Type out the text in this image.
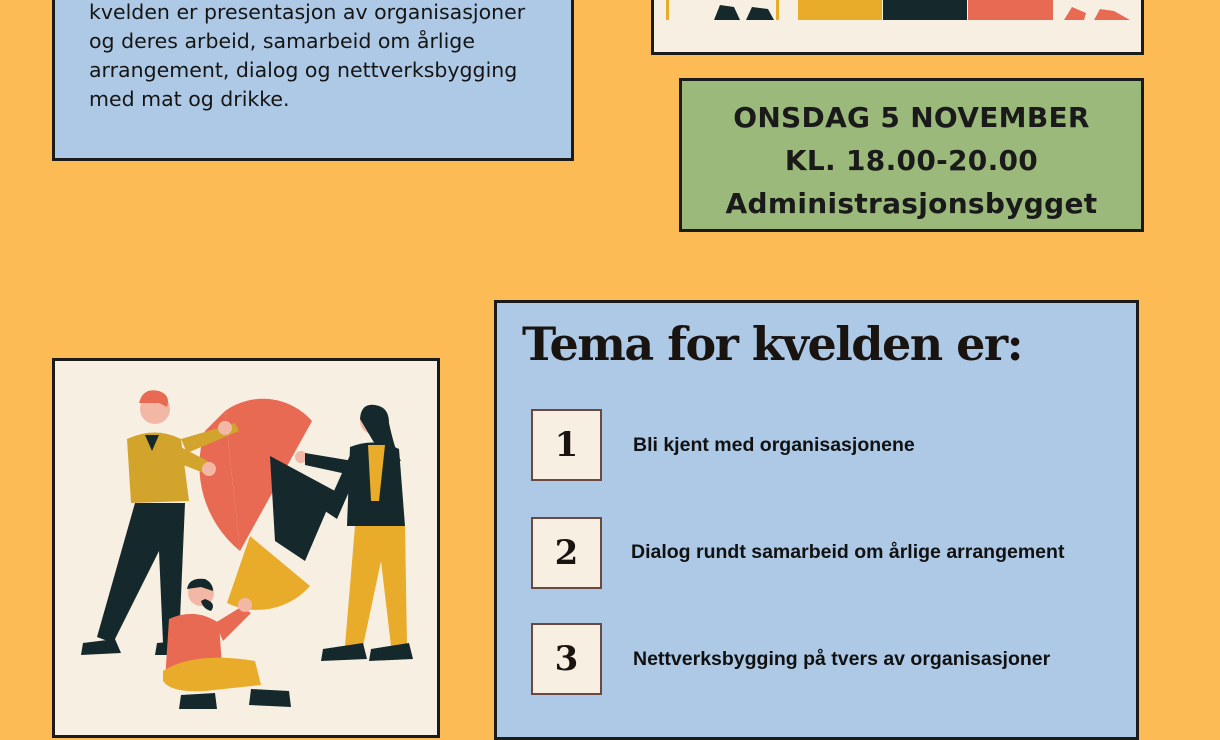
kvelden er presentasjon av organisasjoner
og deres arbeid, samarbeid om årlige
arrangement, dialog og nettverksbygging
med mat og drikke.

ONSDAG 5 NOVEMBER
KL. 18.00-20.00
Administrasjonsbygget
Tema for kvelden er:
1	Bli kjent med organisasjonene
2	Dialog rundt samarbeid om årlige arrangement
3	Nettverksbygging på tvers av organisasjoner
